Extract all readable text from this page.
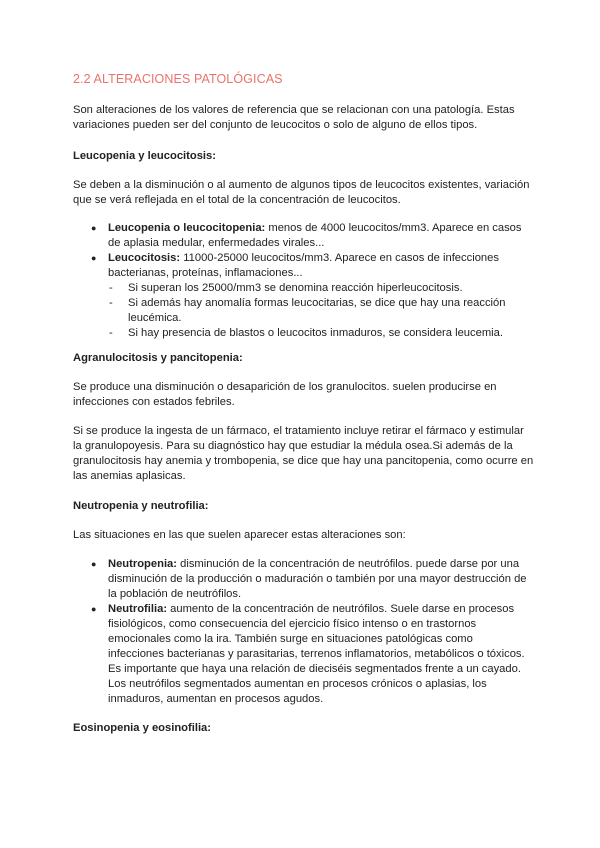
2.2 ALTERACIONES PATOLÓGICAS
Son alteraciones de los valores de referencia que se relacionan con una patología. Estas variaciones pueden ser del conjunto de leucocitos o solo de alguno de ellos tipos.
Leucopenia y leucocitosis:
Se deben a la disminución o al aumento de algunos tipos de leucocitos existentes, variación que se verá reflejada en el total de la concentración de leucocitos.
● Leucopenia o leucocitopenia: menos de 4000 leucocitos/mm3. Aparece en casos de aplasia medular, enfermedades virales...
● Leucocitosis: 11000-25000 leucocitos/mm3. Aparece en casos de infecciones bacterianas, proteínas, inflamaciones...
- Si superan los 25000/mm3 se denomina reacción hiperleucocitosis.
- Si además hay anomalía formas leucocitarias, se dice que hay una reacción leucémica.
- Si hay presencia de blastos o leucocitos inmaduros, se considera leucemia.
Agranulocitosis y pancitopenia:
Se produce una disminución o desaparición de los granulocitos. suelen producirse en infecciones con estados febriles.
Si se produce la ingesta de un fármaco, el tratamiento incluye retirar el fármaco y estimular la granulopoyesis. Para su diagnóstico hay que estudiar la médula osea.Si además de la granulocitosis hay anemia y trombopenia, se dice que hay una pancitopenia, como ocurre en las anemias aplasicas.
Neutropenia y neutrofilia:
Las situaciones en las que suelen aparecer estas alteraciones son:
● Neutropenia: disminución de la concentración de neutrófilos. puede darse por una disminución de la producción o maduración o también por una mayor destrucción de la población de neutrófilos.
● Neutrofilia: aumento de la concentración de neutrófilos. Suele darse en procesos fisiológicos, como consecuencia del ejercicio físico intenso o en trastornos emocionales como la ira. También surge en situaciones patológicas como infecciones bacterianas y parasitarias, terrenos inflamatorios, metabólicos o tóxicos. Es importante que haya una relación de dieciséis segmentados frente a un cayado. Los neutrófilos segmentados aumentan en procesos crónicos o aplasias, los inmaduros, aumentan en procesos agudos.
Eosinopenia y eosinofilia:
